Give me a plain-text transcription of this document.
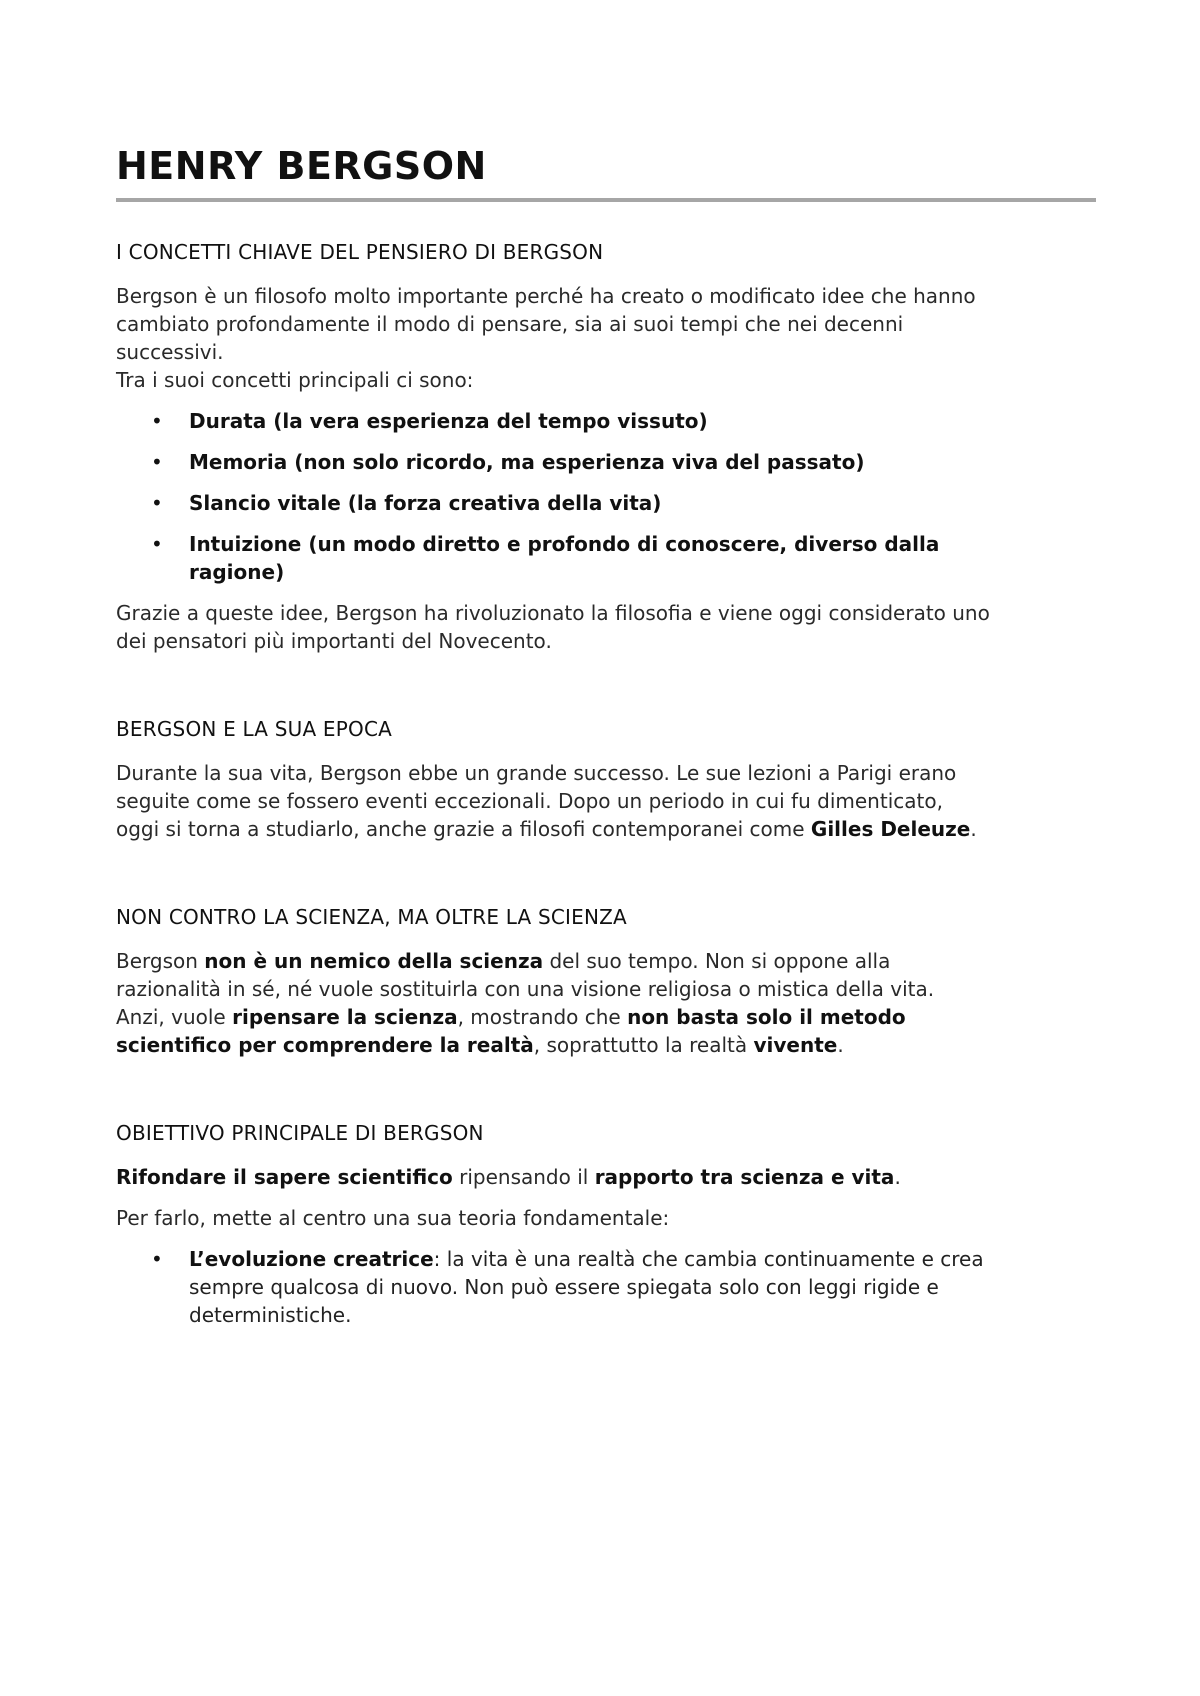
HENRY BERGSON
I CONCETTI CHIAVE DEL PENSIERO DI BERGSON

Bergson è un filosofo molto importante perché ha creato o modificato idee che hanno
cambiato profondamente il modo di pensare, sia ai suoi tempi che nei decenni
successivi.
Tra i suoi concetti principali ci sono:

• Durata (la vera esperienza del tempo vissuto)
• Memoria (non solo ricordo, ma esperienza viva del passato)
• Slancio vitale (la forza creativa della vita)
• Intuizione (un modo diretto e profondo di conoscere, diverso dalla
ragione)

Grazie a queste idee, Bergson ha rivoluzionato la filosofia e viene oggi considerato uno
dei pensatori più importanti del Novecento.

BERGSON E LA SUA EPOCA

Durante la sua vita, Bergson ebbe un grande successo. Le sue lezioni a Parigi erano
seguite come se fossero eventi eccezionali. Dopo un periodo in cui fu dimenticato,
oggi si torna a studiarlo, anche grazie a filosofi contemporanei come Gilles Deleuze.

NON CONTRO LA SCIENZA, MA OLTRE LA SCIENZA

Bergson non è un nemico della scienza del suo tempo. Non si oppone alla
razionalità in sé, né vuole sostituirla con una visione religiosa o mistica della vita.
Anzi, vuole ripensare la scienza, mostrando che non basta solo il metodo
scientifico per comprendere la realtà, soprattutto la realtà vivente.

OBIETTIVO PRINCIPALE DI BERGSON

Rifondare il sapere scientifico ripensando il rapporto tra scienza e vita.

Per farlo, mette al centro una sua teoria fondamentale:

• L’evoluzione creatrice: la vita è una realtà che cambia continuamente e crea
sempre qualcosa di nuovo. Non può essere spiegata solo con leggi rigide e
deterministiche.
